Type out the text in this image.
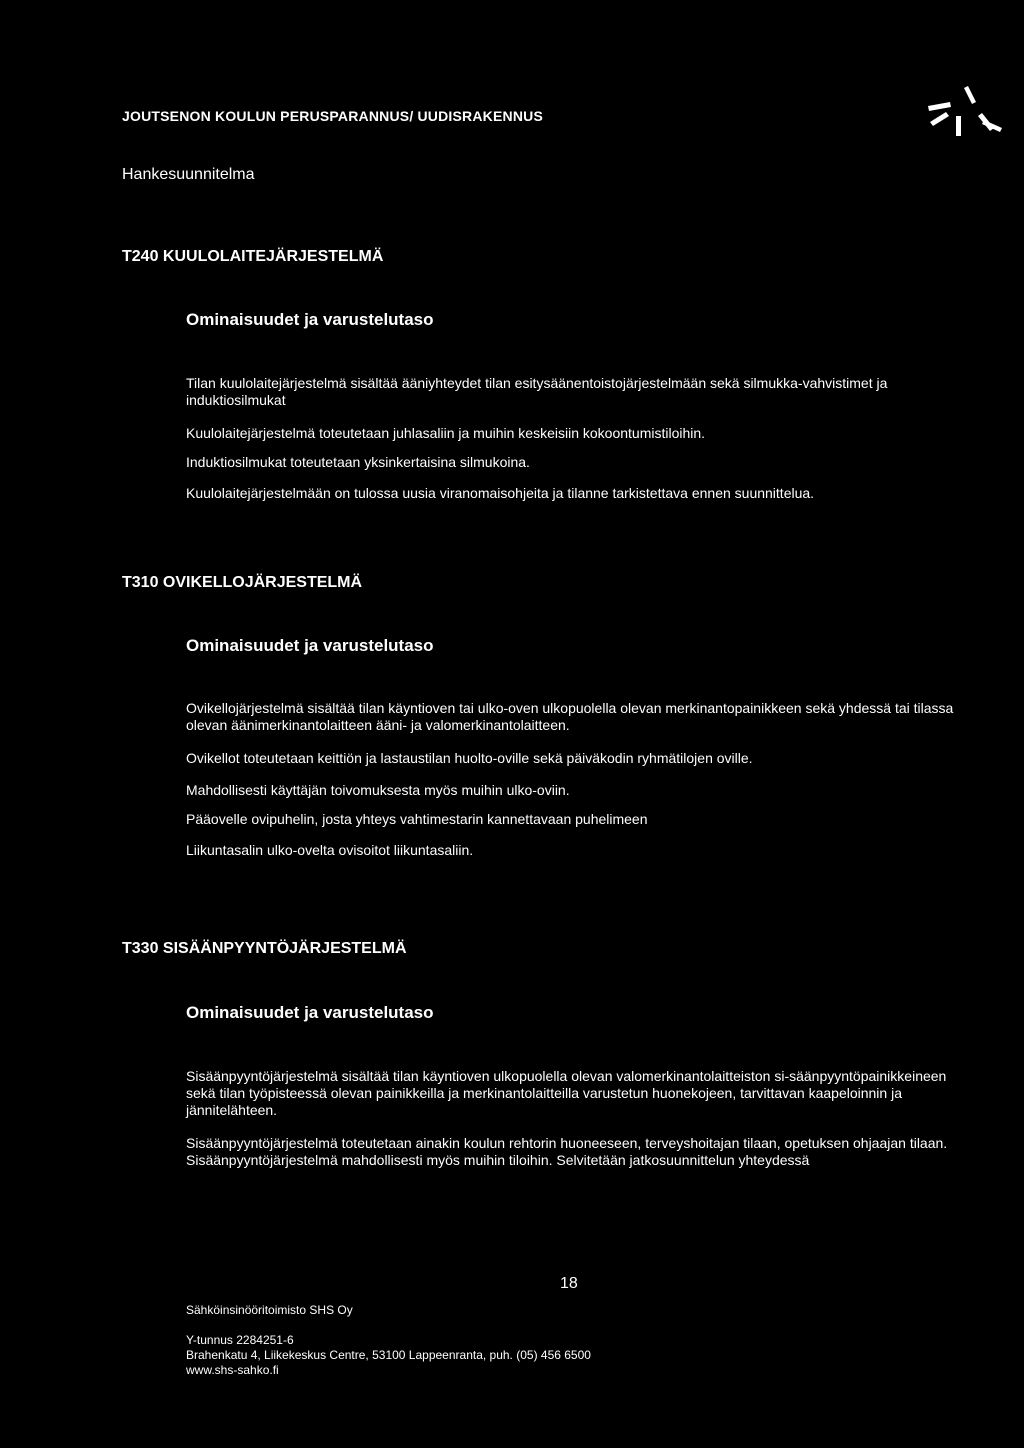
JOUTSENON KOULUN PERUSPARANNUS/ UUDISRAKENNUS
Hankesuunnitelma
T240 KUULOLAITEJÄRJESTELMÄ
Ominaisuudet ja varustelutaso

Tilan kuulolaitejärjestelmä sisältää ääniyhteydet tilan esitysäänentoistojärjestelmään sekä silmukka-vahvistimet ja induktiosilmukat

Kuulolaitejärjestelmä toteutetaan juhlasaliin ja muihin keskeisiin kokoontumistiloihin.

Induktiosilmukat toteutetaan yksinkertaisina silmukoina.

Kuulolaitejärjestelmään on tulossa uusia viranomaisohjeita ja tilanne tarkistettava ennen suunnittelua.

T310 OVIKELLOJÄRJESTELMÄ
Ominaisuudet ja varustelutaso

Ovikellojärjestelmä sisältää tilan käyntioven tai ulko-oven ulkopuolella olevan merkinantopainikkeen sekä yhdessä tai tilassa olevan äänimerkinantolaitteen ääni- ja valomerkinantolaitteen.

Ovikellot toteutetaan keittiön ja lastaustilan huolto-oville sekä päiväkodin ryhmätilojen oville.

Mahdollisesti käyttäjän toivomuksesta myös muihin ulko-oviin.

Pääovelle ovipuhelin, josta yhteys vahtimestarin kannettavaan puhelimeen

Liikuntasalin ulko-ovelta ovisoitot liikuntasaliin.

T330 SISÄÄNPYYNTÖJÄRJESTELMÄ
Ominaisuudet ja varustelutaso

Sisäänpyyntöjärjestelmä sisältää tilan käyntioven ulkopuolella olevan valomerkinantolaitteiston si-säänpyyntöpainikkeineen sekä tilan työpisteessä olevan painikkeilla ja merkinantolaitteilla varustetun huonekojeen, tarvittavan kaapeloinnin ja jännitelähteen.

Sisäänpyyntöjärjestelmä toteutetaan ainakin koulun rehtorin huoneeseen, terveyshoitajan tilaan, opetuksen ohjaajan tilaan. Sisäänpyyntöjärjestelmä mahdollisesti myös muihin tiloihin. Selvitetään jatkosuunnittelun yhteydessä

18
Sähköinsinööritoimisto SHS Oy
Y-tunnus 2284251-6
Brahenkatu 4, Liikekeskus Centre, 53100 Lappeenranta, puh. (05) 456 6500
www.shs-sahko.fi
